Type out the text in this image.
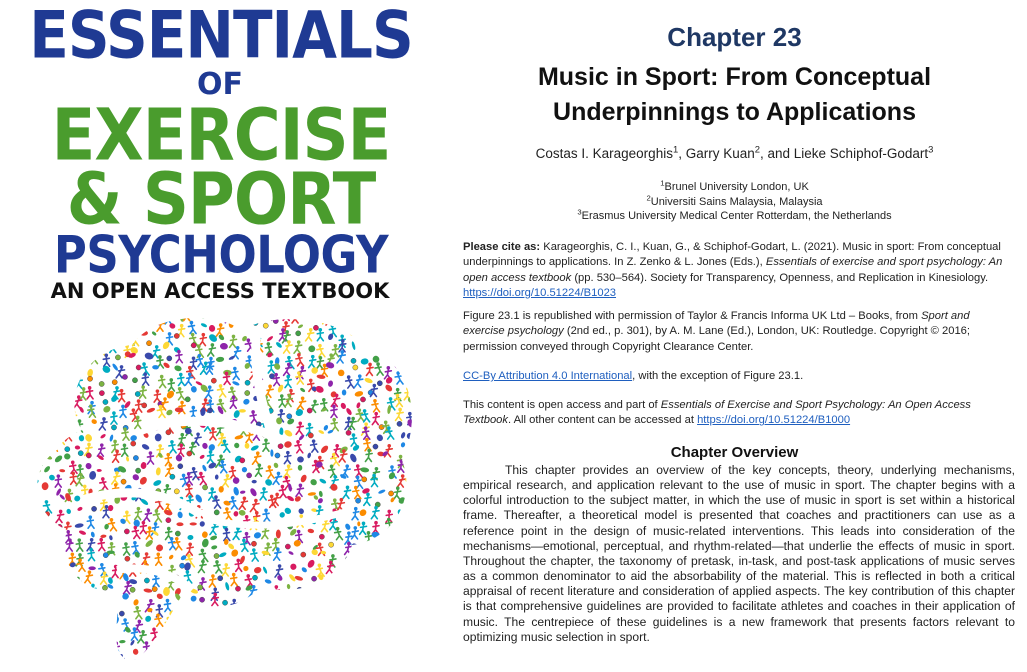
ESSENTIALS
OF
EXERCISE
& SPORT
PSYCHOLOGY
AN OPEN ACCESS TEXTBOOK
Chapter 23
Music in Sport: From Conceptual
Underpinnings to Applications
Costas I. Karageorghis$^1$, Garry Kuan$^2$, and Lieke Schiphof-Godart$^3$
$^1$Brunel University London, UK
$^2$Universiti Sains Malaysia, Malaysia
$^3$Erasmus University Medical Center Rotterdam, the Netherlands
Please cite as: Karageorghis, C. I., Kuan, G., & Schiphof-Godart, L. (2021). Music in sport: From conceptual underpinnings to applications. In Z. Zenko & L. Jones (Eds.), Essentials of exercise and sport psychology: An open access textbook (pp. 530–564). Society for Transparency, Openness, and Replication in Kinesiology. https://doi.org/10.51224/B1023
Figure 23.1 is republished with permission of Taylor & Francis Informa UK Ltd – Books, from Sport and exercise psychology (2nd ed., p. 301), by A. M. Lane (Ed.), London, UK: Routledge. Copyright © 2016; permission conveyed through Copyright Clearance Center.
CC-By Attribution 4.0 International, with the exception of Figure 23.1.
This content is open access and part of Essentials of Exercise and Sport Psychology: An Open Access Textbook. All other content can be accessed at https://doi.org/10.51224/B1000
Chapter Overview
This chapter provides an overview of the key concepts, theory, underlying mechanisms, empirical research, and application relevant to the use of music in sport. The chapter begins with a colorful introduction to the subject matter, in which the use of music in sport is set within a historical frame. Thereafter, a theoretical model is presented that coaches and practitioners can use as a reference point in the design of music-related interventions. This leads into consideration of the mechanisms—emotional, perceptual, and rhythm-related—that underlie the effects of music in sport. Throughout the chapter, the taxonomy of pretask, in-task, and post-task applications of music serves as a common denominator to aid the absorbability of the material. This is reflected in both a critical appraisal of recent literature and consideration of applied aspects. The key contribution of this chapter is that comprehensive guidelines are provided to facilitate athletes and coaches in their application of music. The centrepiece of these guidelines is a new framework that presents factors relevant to optimizing music selection in sport.
